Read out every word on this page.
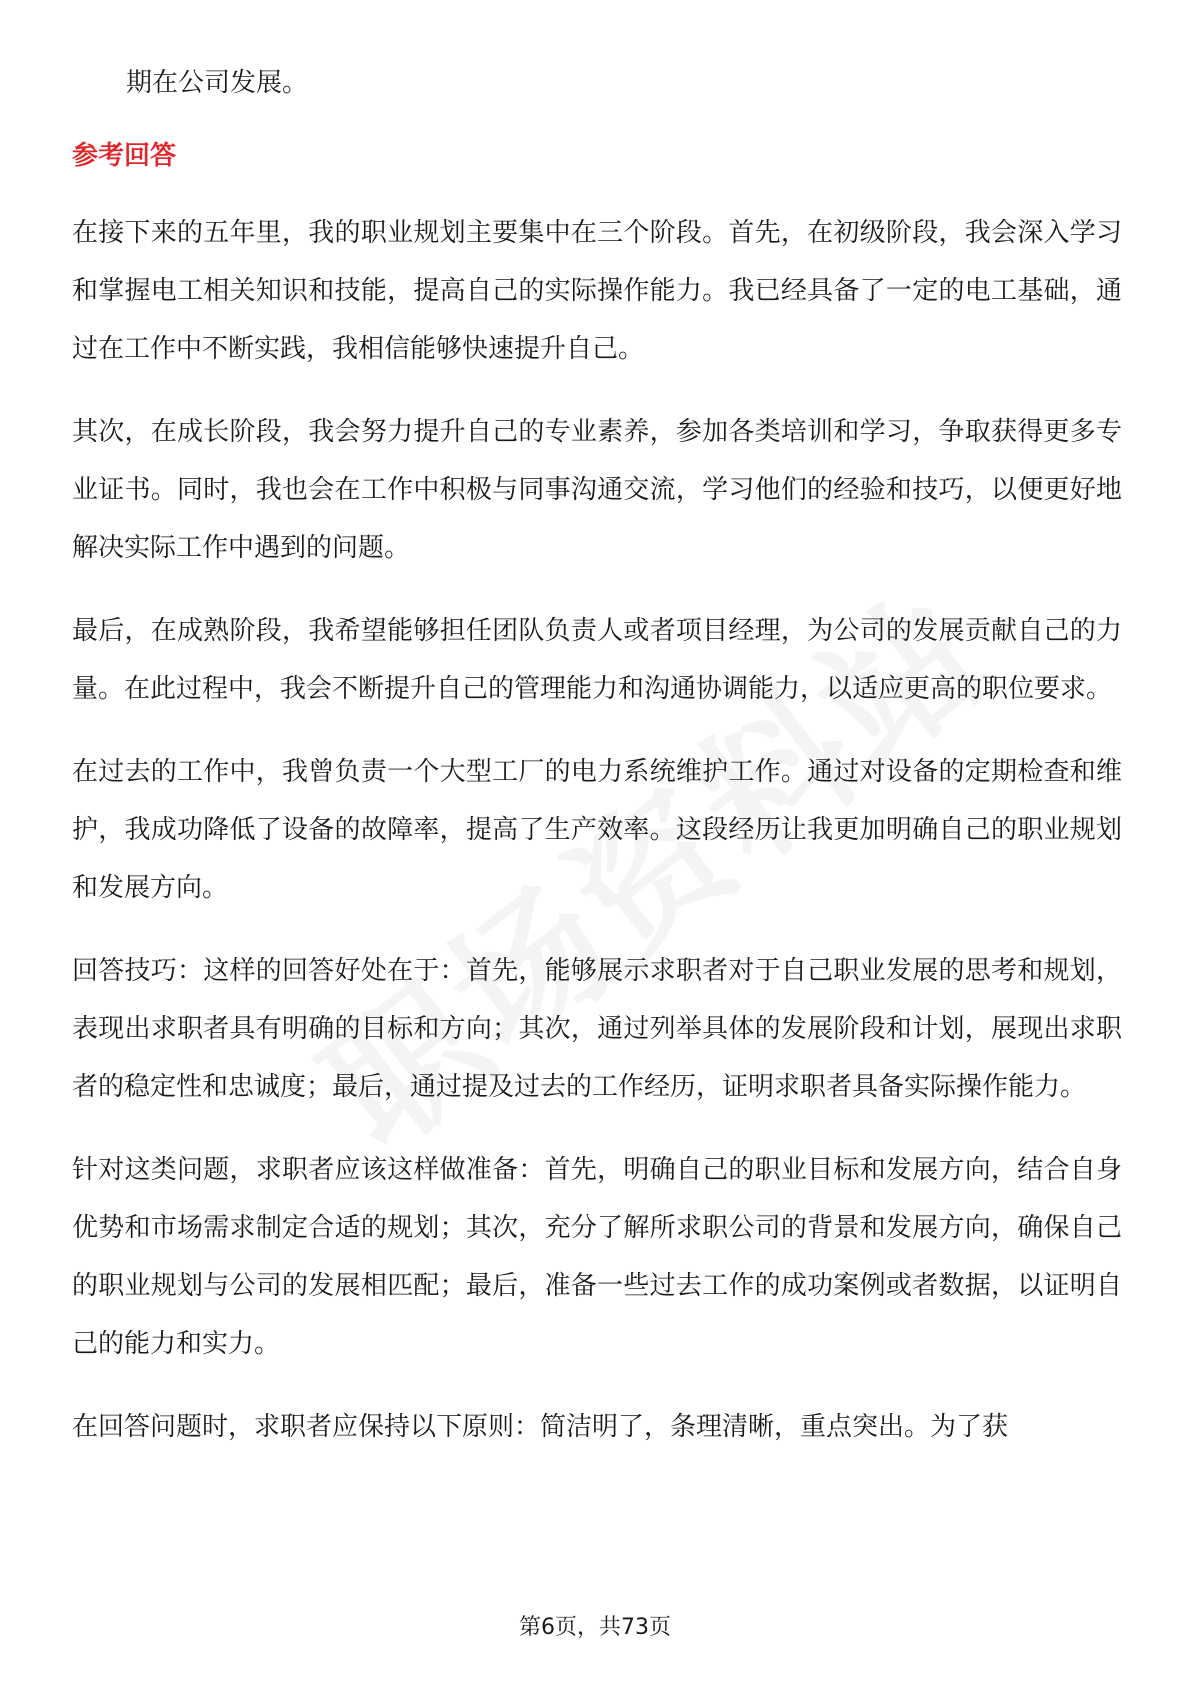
期在公司发展。

参考回答

在接下来的五年里，我的职业规划主要集中在三个阶段。首先，在初级阶段，我会深入学习和掌握电工相关知识和技能，提高自己的实际操作能力。我已经具备了一定的电工基础，通过在工作中不断实践，我相信能够快速提升自己。

其次，在成长阶段，我会努力提升自己的专业素养，参加各类培训和学习，争取获得更多专业证书。同时，我也会在工作中积极与同事沟通交流，学习他们的经验和技巧，以便更好地解决实际工作中遇到的问题。

最后，在成熟阶段，我希望能够担任团队负责人或者项目经理，为公司的发展贡献自己的力量。在此过程中，我会不断提升自己的管理能力和沟通协调能力，以适应更高的职位要求。

在过去的工作中，我曾负责一个大型工厂的电力系统维护工作。通过对设备的定期检查和维护，我成功降低了设备的故障率，提高了生产效率。这段经历让我更加明确自己的职业规划和发展方向。

回答技巧：这样的回答好处在于：首先，能够展示求职者对于自己职业发展的思考和规划，表现出求职者具有明确的目标和方向；其次，通过列举具体的发展阶段和计划，展现出求职者的稳定性和忠诚度；最后，通过提及过去的工作经历，证明求职者具备实际操作能力。

针对这类问题，求职者应该这样做准备：首先，明确自己的职业目标和发展方向，结合自身优势和市场需求制定合适的规划；其次，充分了解所求职公司的背景和发展方向，确保自己的职业规划与公司的发展相匹配；最后，准备一些过去工作的成功案例或者数据，以证明自己的能力和实力。

在回答问题时，求职者应保持以下原则：简洁明了，条理清晰，重点突出。为了获

第6页，共73页
